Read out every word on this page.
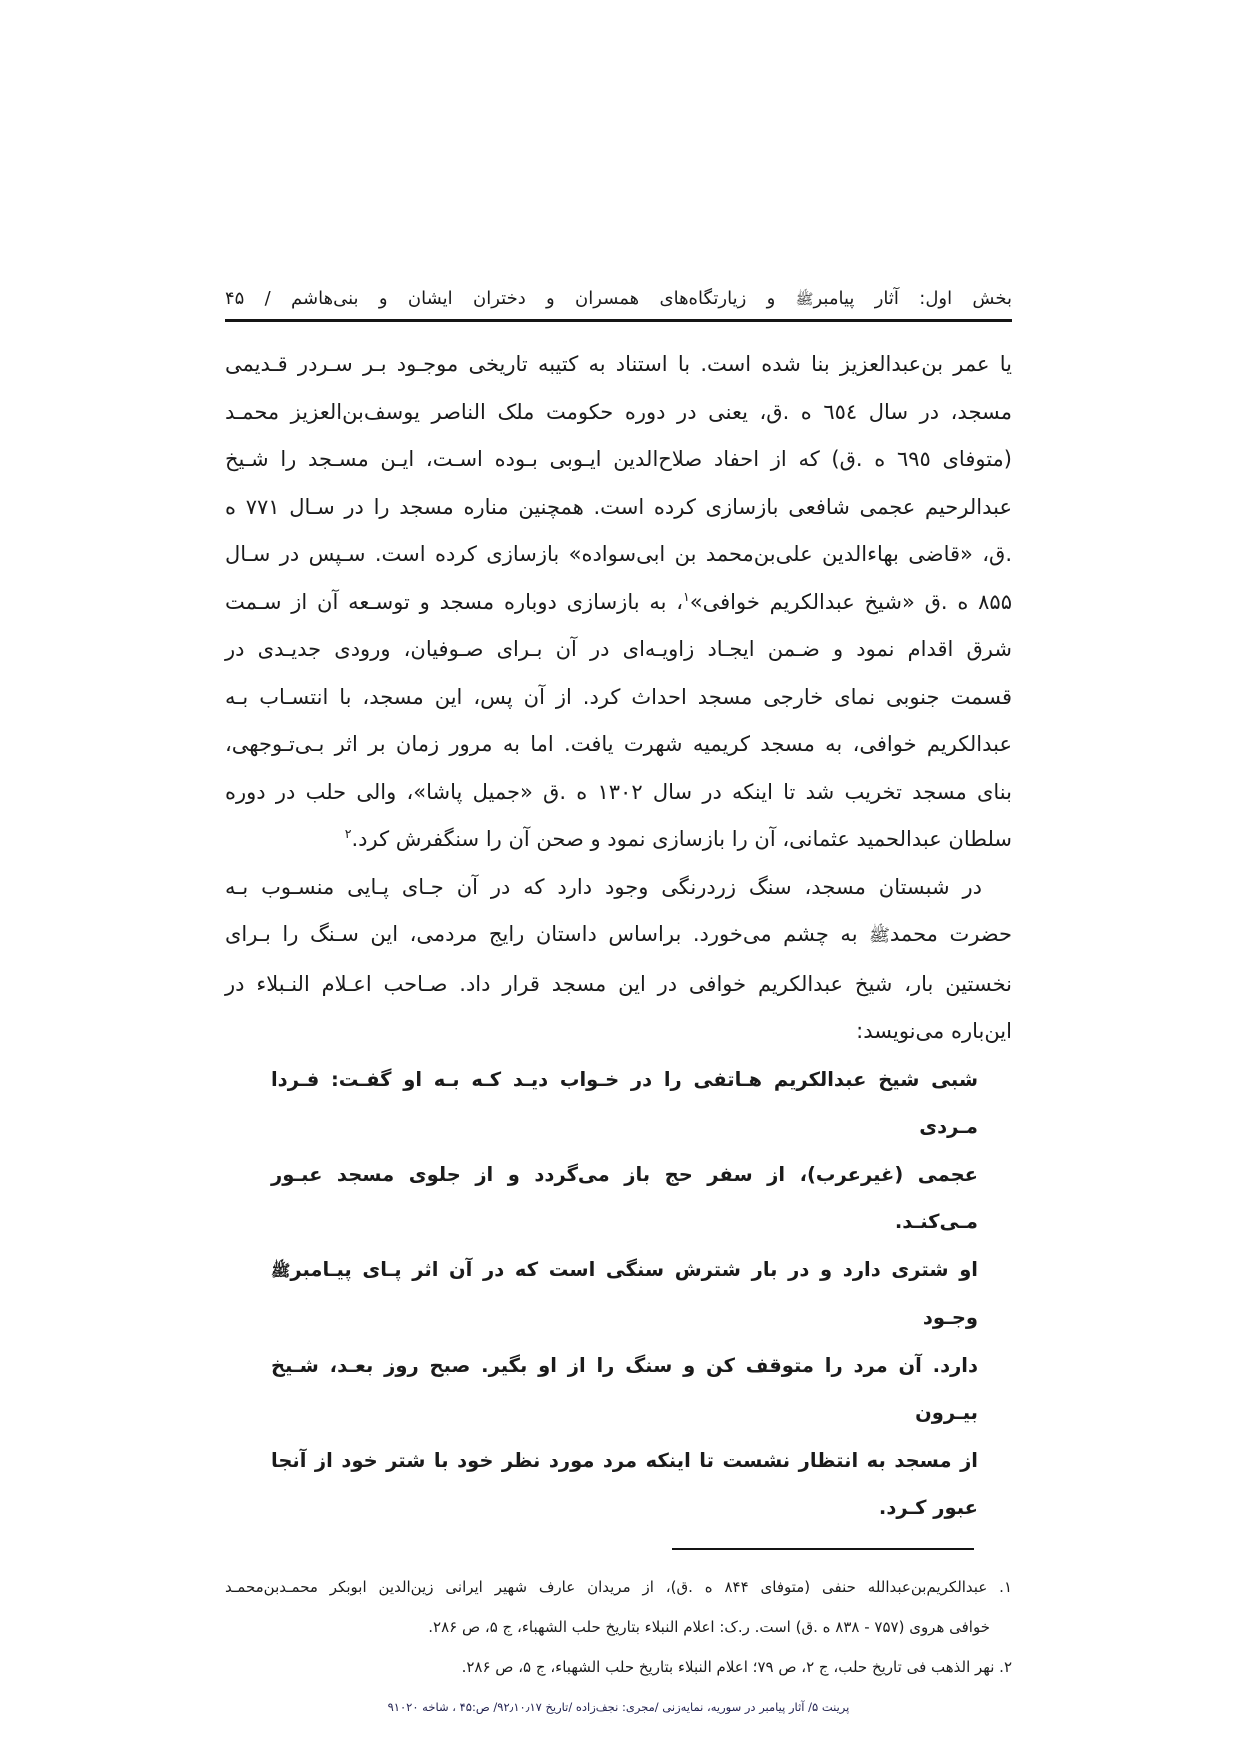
بخش اول: آثار پیامبرﷺ و زیارتگاه‌های همسران و دختران ایشان و بنی‌هاشم / ۴۵
یا عمر بن‌عبدالعزیز بنا شده است. با استناد به کتیبه تاریخی موجـود بـر سـردر قـدیمی
مسجد، در سال ٦٥٤ ه .ق، یعنی در دوره حکومت ملک الناصر یوسف‌بن‌العزیز محمـد
(متوفای ٦٩٥ ه .ق) که از احفاد صلاح‌الدین ایـوبی بـوده اسـت، ایـن مسـجد را شـیخ
عبدالرحیم عجمی شافعی بازسازی کرده است. همچنین مناره مسجد را در سـال ۷۷۱ ه
.ق، «قاضی بهاءالدین علی‌بن‌محمد بن ابی‌سواده» بازسازی کرده است. سـپس در سـال
۸۵۵ ه .ق «شیخ عبدالکریم خوافی»$^۱$، به بازسازی دوباره مسجد و توسـعه آن از سـمت
شرق اقدام نمود و ضـمن ایجـاد زاویـه‌ای در آن بـرای صـوفیان، ورودی جدیـدی در
قسمت جنوبی نمای خارجی مسجد احداث کرد. از آن پس، این مسجد، با انتسـاب بـه
عبدالکریم خوافی، به مسجد کریمیه شهرت یافت. اما به مرور زمان بر اثر بـی‌تـوجهی،
بنای مسجد تخریب شد تا اینکه در سال ۱۳۰۲ ه .ق «جمیل پاشا»، والی حلب در دوره
سلطان عبدالحمید عثمانی، آن را بازسازی نمود و صحن آن را سنگفرش کرد.$^۲$
در شبستان مسجد، سنگ زردرنگی وجود دارد که در آن جـای پـایی منسـوب بـه
حضرت محمدﷺ به چشم می‌خورد. براساس داستان رایج مردمی، این سـنگ را بـرای
نخستین بار، شیخ عبدالکریم خوافی در این مسجد قرار داد. صـاحب اعـلام النـبلاء در
این‌باره می‌نویسد:
شبی شیخ عبدالکریم هـاتفی را در خـواب دیـد کـه بـه او گفـت: فـردا مـردی
عجمی (غیرعرب)، از سفر حج باز می‌گردد و از جلوی مسجد عبـور مـی‌کنـد.
او شتری دارد و در بار شترش سنگی است که در آن اثر پـای پیـامبرﷺ وجـود
دارد. آن مرد را متوقف کن و سنگ را از او بگیر. صبح روز بعـد، شـیخ بیـرون
از مسجد به انتظار نشست تا اینکه مرد مورد نظر خود با شتر خود از آنجا عبور کـرد.
۱. عبدالکریم‌بن‌عبدالله حنفی (متوفای ۸۴۴ ه .ق)، از مریدان عارف شهیر ایرانی زین‌الدین ابوبکر محمـدبن‌محمـد
خوافی هروی (۷۵۷ - ۸۳۸ ه .ق) است. ر.ک: اعلام النبلاء بتاریخ حلب الشهباء، ج ۵، ص ۲۸۶.
۲. نهر الذهب فی تاریخ حلب، ج ۲، ص ۷۹؛ اعلام النبلاء بتاریخ حلب الشهباء، ج ۵، ص ۲۸۶.
پرینت ۵/ آثار پیامبر در سوریه، نمایه‌زنی /مجری: نجف‌زاده /تاریخ ۹۲٫۱۰٫۱۷/ ص:۴۵ ، شاخه ۹۱۰۲۰
